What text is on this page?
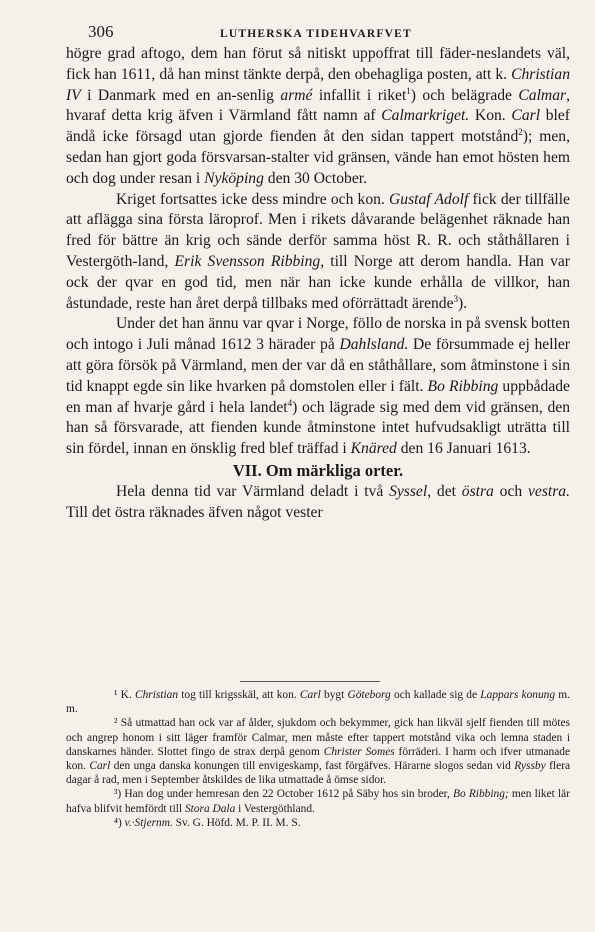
306	LUTHERSKA TIDEHVARFVET

högre grad aftogo, dem han förut så nitiskt uppoffrat till fäder-neslandets väl, fick han 1611, då han minst tänkte derpå, den obehagliga posten, att k. Christian IV i Danmark med en an-senlig armé infallit i riket$^1$) och belägrade Calmar, hvaraf detta krig äfven i Värmland fått namn af Calmarkriget. Kon. Carl blef ändå icke försagd utan gjorde fienden åt den sidan tappert motstånd$^2$); men, sedan han gjort goda försvarsan-stalter vid gränsen, vände han emot hösten hem och dog under resan i Nyköping den 30 October.

Kriget fortsattes icke dess mindre och kon. Gustaf Adolf fick der tillfälle att aflägga sina första läroprof. Men i rikets dåvarande belägenhet räknade han fred för bättre än krig och sände derför samma höst R. R. och ståthållaren i Vestergöth-land, Erik Svensson Ribbing, till Norge att derom handla. Han var ock der qvar en god tid, men när han icke kunde erhålla de villkor, han åstundade, reste han året derpå tillbaks med oförrättadt ärende$^3$).

Under det han ännu var qvar i Norge, föllo de norska in på svensk botten och intogo i Juli månad 1612 3 härader på Dahlsland. De försummade ej heller att göra försök på Värmland, men der var då en ståthållare, som åtminstone i sin tid knappt egde sin like hvarken på domstolen eller i fält. Bo Ribbing uppbådade en man af hvarje gård i hela landet$^4$) och lägrade sig med dem vid gränsen, den han så försvarade, att fienden kunde åtminstone intet hufvudsakligt uträtta till sin fördel, innan en önsklig fred blef träffad i Knäred den 16 Januari 1613.

VII. Om märkliga orter.

Hela denna tid var Värmland deladt i två Syssel, det östra och vestra. Till det östra räknades äfven något vester

¹ K. Christian tog till krigsskäl, att kon. Carl bygt Göteborg och kallade sig de Lappars konung m. m.

² Så utmattad han ock var af ålder, sjukdom och bekymmer, gick han likväl sjelf fienden till mötes och angrep honom i sitt läger framför Calmar, men måste efter tappert motstånd vika och lemna staden i danskarnes händer. Slottet fingo de strax derpå genom Christer Somes förräderi. I harm och ifver utmanade kon. Carl den unga danska konungen till envigeskamp, fast förgäfves. Härarne slogos sedan vid Ryssby flera dagar å rad, men i September åtskildes de lika utmattade å ömse sidor.

³) Han dog under hemresan den 22 October 1612 på Säby hos sin broder, Bo Ribbing; men liket lär hafva blifvit hemfördt till Stora Dala i Vestergöthland.

⁴) v.·Stjernm. Sv. G. Höfd. M. P. II. M. S.
